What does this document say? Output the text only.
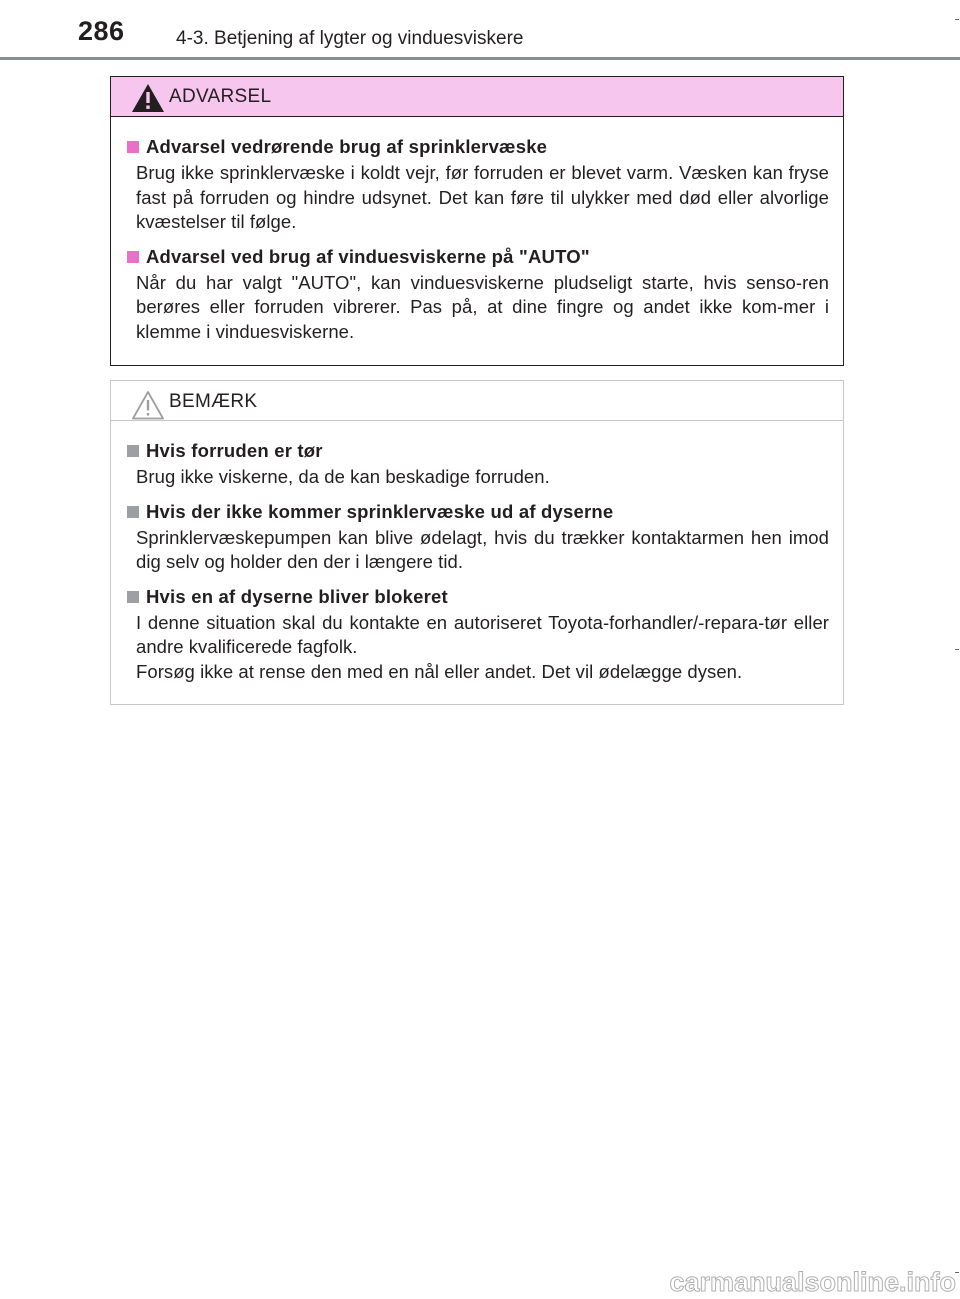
286	4-3. Betjening af lygter og vinduesviskere
ADVARSEL
Advarsel vedrørende brug af sprinklervæske
Brug ikke sprinklervæske i koldt vejr, før forruden er blevet varm. Væsken kan fryse fast på forruden og hindre udsynet. Det kan føre til ulykker med død eller alvorlige kvæstelser til følge.
Advarsel ved brug af vinduesviskerne på "AUTO"
Når du har valgt "AUTO", kan vinduesviskerne pludseligt starte, hvis senso-ren berøres eller forruden vibrerer. Pas på, at dine fingre og andet ikke kom-mer i klemme i vinduesviskerne.
BEMÆRK
Hvis forruden er tør
Brug ikke viskerne, da de kan beskadige forruden.
Hvis der ikke kommer sprinklervæske ud af dyserne
Sprinklervæskepumpen kan blive ødelagt, hvis du trækker kontaktarmen hen imod dig selv og holder den der i længere tid.
Hvis en af dyserne bliver blokeret
I denne situation skal du kontakte en autoriseret Toyota-forhandler/-repara-tør eller andre kvalificerede fagfolk.
Forsøg ikke at rense den med en nål eller andet. Det vil ødelægge dysen.
carmanualsonline.info
